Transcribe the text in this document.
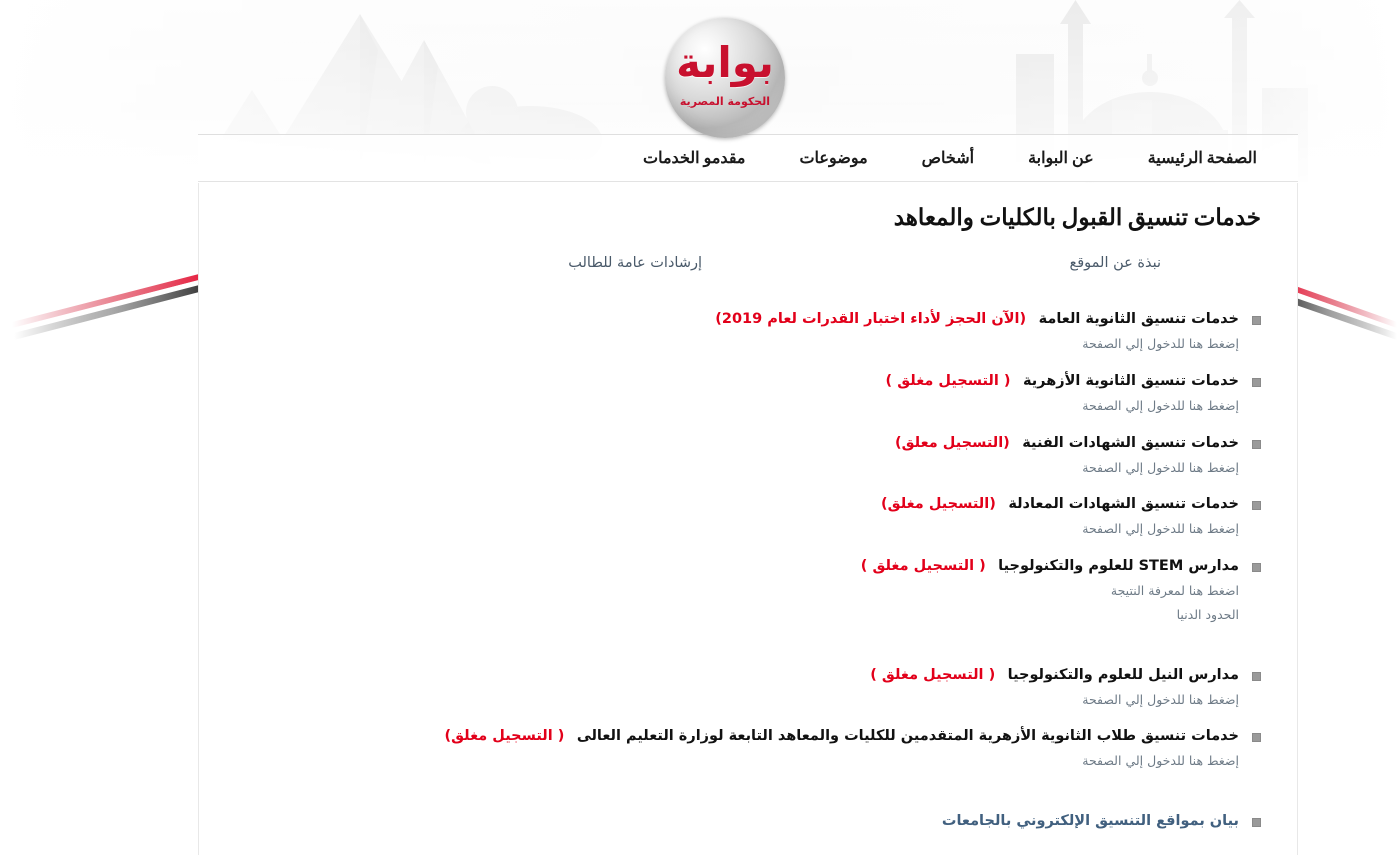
بوابة
الحكومة المصرية
الصفحة الرئيسية
عن البوابة
أشخاص
موضوعات
مقدمو الخدمات
خدمات تنسيق القبول بالكليات والمعاهد
نبذة عن الموقع
إرشادات عامة للطالب
خدمات تنسيق الثانوية العامة (الآن الحجز لأداء اختبار القدرات لعام 2019)
إضغط هنا للدخول إلي الصفحة
خدمات تنسيق الثانوية الأزهرية ( التسجيل مغلق )
إضغط هنا للدخول إلي الصفحة
خدمات تنسيق الشهادات الفنية (التسجيل معلق)
إضغط هنا للدخول إلي الصفحة
خدمات تنسيق الشهادات المعادلة (التسجيل مغلق)
إضغط هنا للدخول إلي الصفحة
مدارس STEM للعلوم والتكنولوجيا ( التسجيل مغلق )
اضغط هنا لمعرفة النتيجة
الحدود الدنيا
مدارس النيل للعلوم والتكنولوجيا ( التسجيل مغلق )
إضغط هنا للدخول إلي الصفحة
خدمات تنسيق طلاب الثانوية الأزهرية المتقدمين للكليات والمعاهد التابعة لوزارة التعليم العالى ( التسجيل مغلق)
إضغط هنا للدخول إلي الصفحة
بيان بمواقع التنسيق الإلكتروني بالجامعات
